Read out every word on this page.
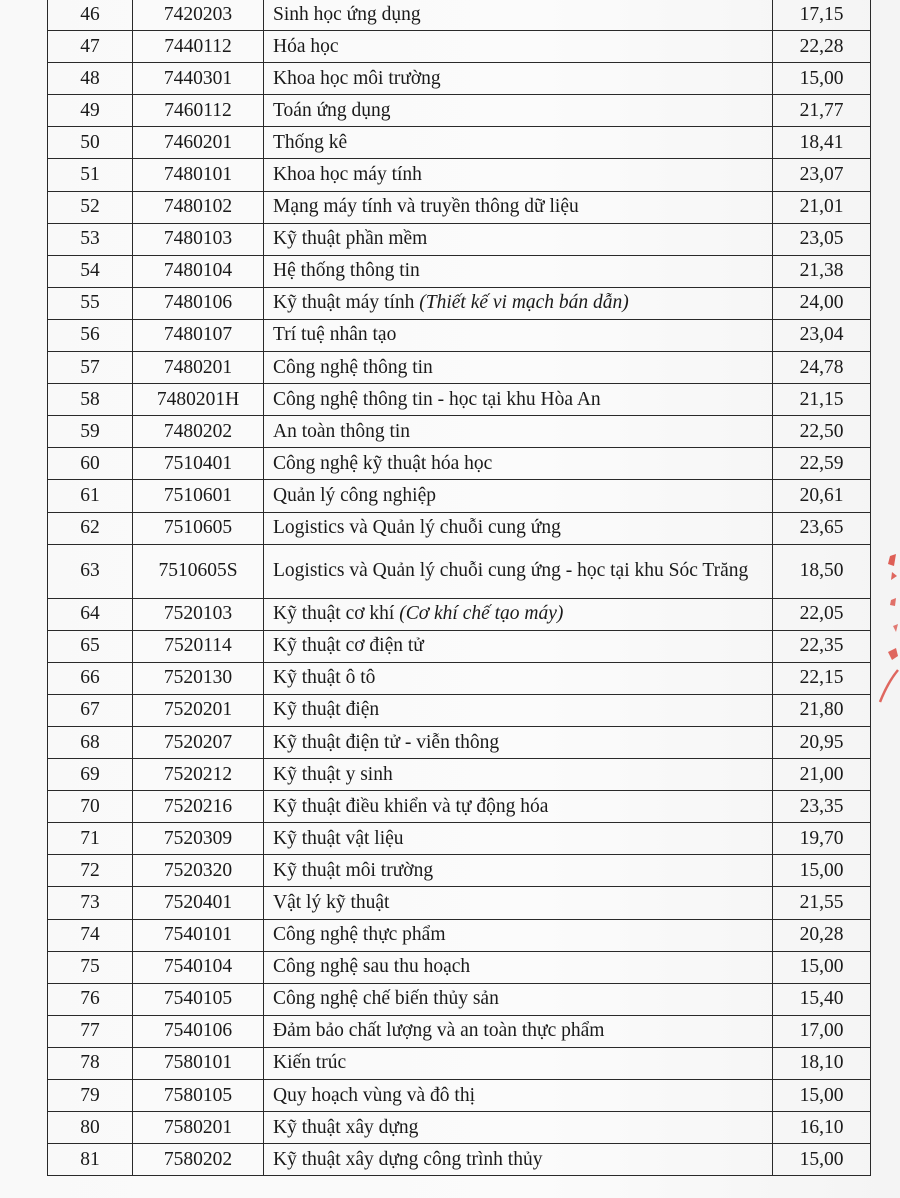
46	7420203	Sinh học ứng dụng	17,15
47	7440112	Hóa học	22,28
48	7440301	Khoa học môi trường	15,00
49	7460112	Toán ứng dụng	21,77
50	7460201	Thống kê	18,41
51	7480101	Khoa học máy tính	23,07
52	7480102	Mạng máy tính và truyền thông dữ liệu	21,01
53	7480103	Kỹ thuật phần mềm	23,05
54	7480104	Hệ thống thông tin	21,38
55	7480106	Kỹ thuật máy tính (Thiết kế vi mạch bán dẫn)	24,00
56	7480107	Trí tuệ nhân tạo	23,04
57	7480201	Công nghệ thông tin	24,78
58	7480201H	Công nghệ thông tin - học tại khu Hòa An	21,15
59	7480202	An toàn thông tin	22,50
60	7510401	Công nghệ kỹ thuật hóa học	22,59
61	7510601	Quản lý công nghiệp	20,61
62	7510605	Logistics và Quản lý chuỗi cung ứng	23,65
63	7510605S	Logistics và Quản lý chuỗi cung ứng - học tại khu Sóc Trăng	18,50
64	7520103	Kỹ thuật cơ khí (Cơ khí chế tạo máy)	22,05
65	7520114	Kỹ thuật cơ điện tử	22,35
66	7520130	Kỹ thuật ô tô	22,15
67	7520201	Kỹ thuật điện	21,80
68	7520207	Kỹ thuật điện tử - viễn thông	20,95
69	7520212	Kỹ thuật y sinh	21,00
70	7520216	Kỹ thuật điều khiển và tự động hóa	23,35
71	7520309	Kỹ thuật vật liệu	19,70
72	7520320	Kỹ thuật môi trường	15,00
73	7520401	Vật lý kỹ thuật	21,55
74	7540101	Công nghệ thực phẩm	20,28
75	7540104	Công nghệ sau thu hoạch	15,00
76	7540105	Công nghệ chế biến thủy sản	15,40
77	7540106	Đảm bảo chất lượng và an toàn thực phẩm	17,00
78	7580101	Kiến trúc	18,10
79	7580105	Quy hoạch vùng và đô thị	15,00
80	7580201	Kỹ thuật xây dựng	16,10
81	7580202	Kỹ thuật xây dựng công trình thủy	15,00
